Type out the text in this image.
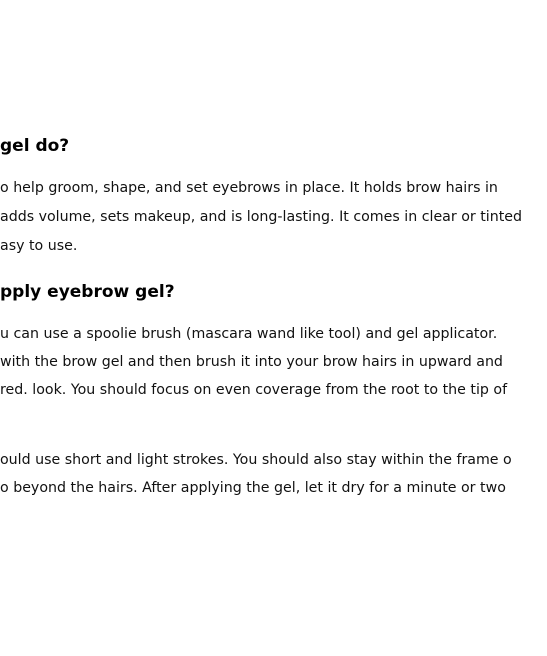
gel do?

o help groom, shape, and set eyebrows in place. It holds brow hairs in

adds volume, sets makeup, and is long-lasting. It comes in clear or tinted

asy to use.

pply eyebrow gel?

u can use a spoolie brush (mascara wand like tool) and gel applicator.

with the brow gel and then brush it into your brow hairs in upward and

red. look. You should focus on even coverage from the root to the tip of

ould use short and light strokes. You should also stay within the frame o

o beyond the hairs. After applying the gel, let it dry for a minute or two
